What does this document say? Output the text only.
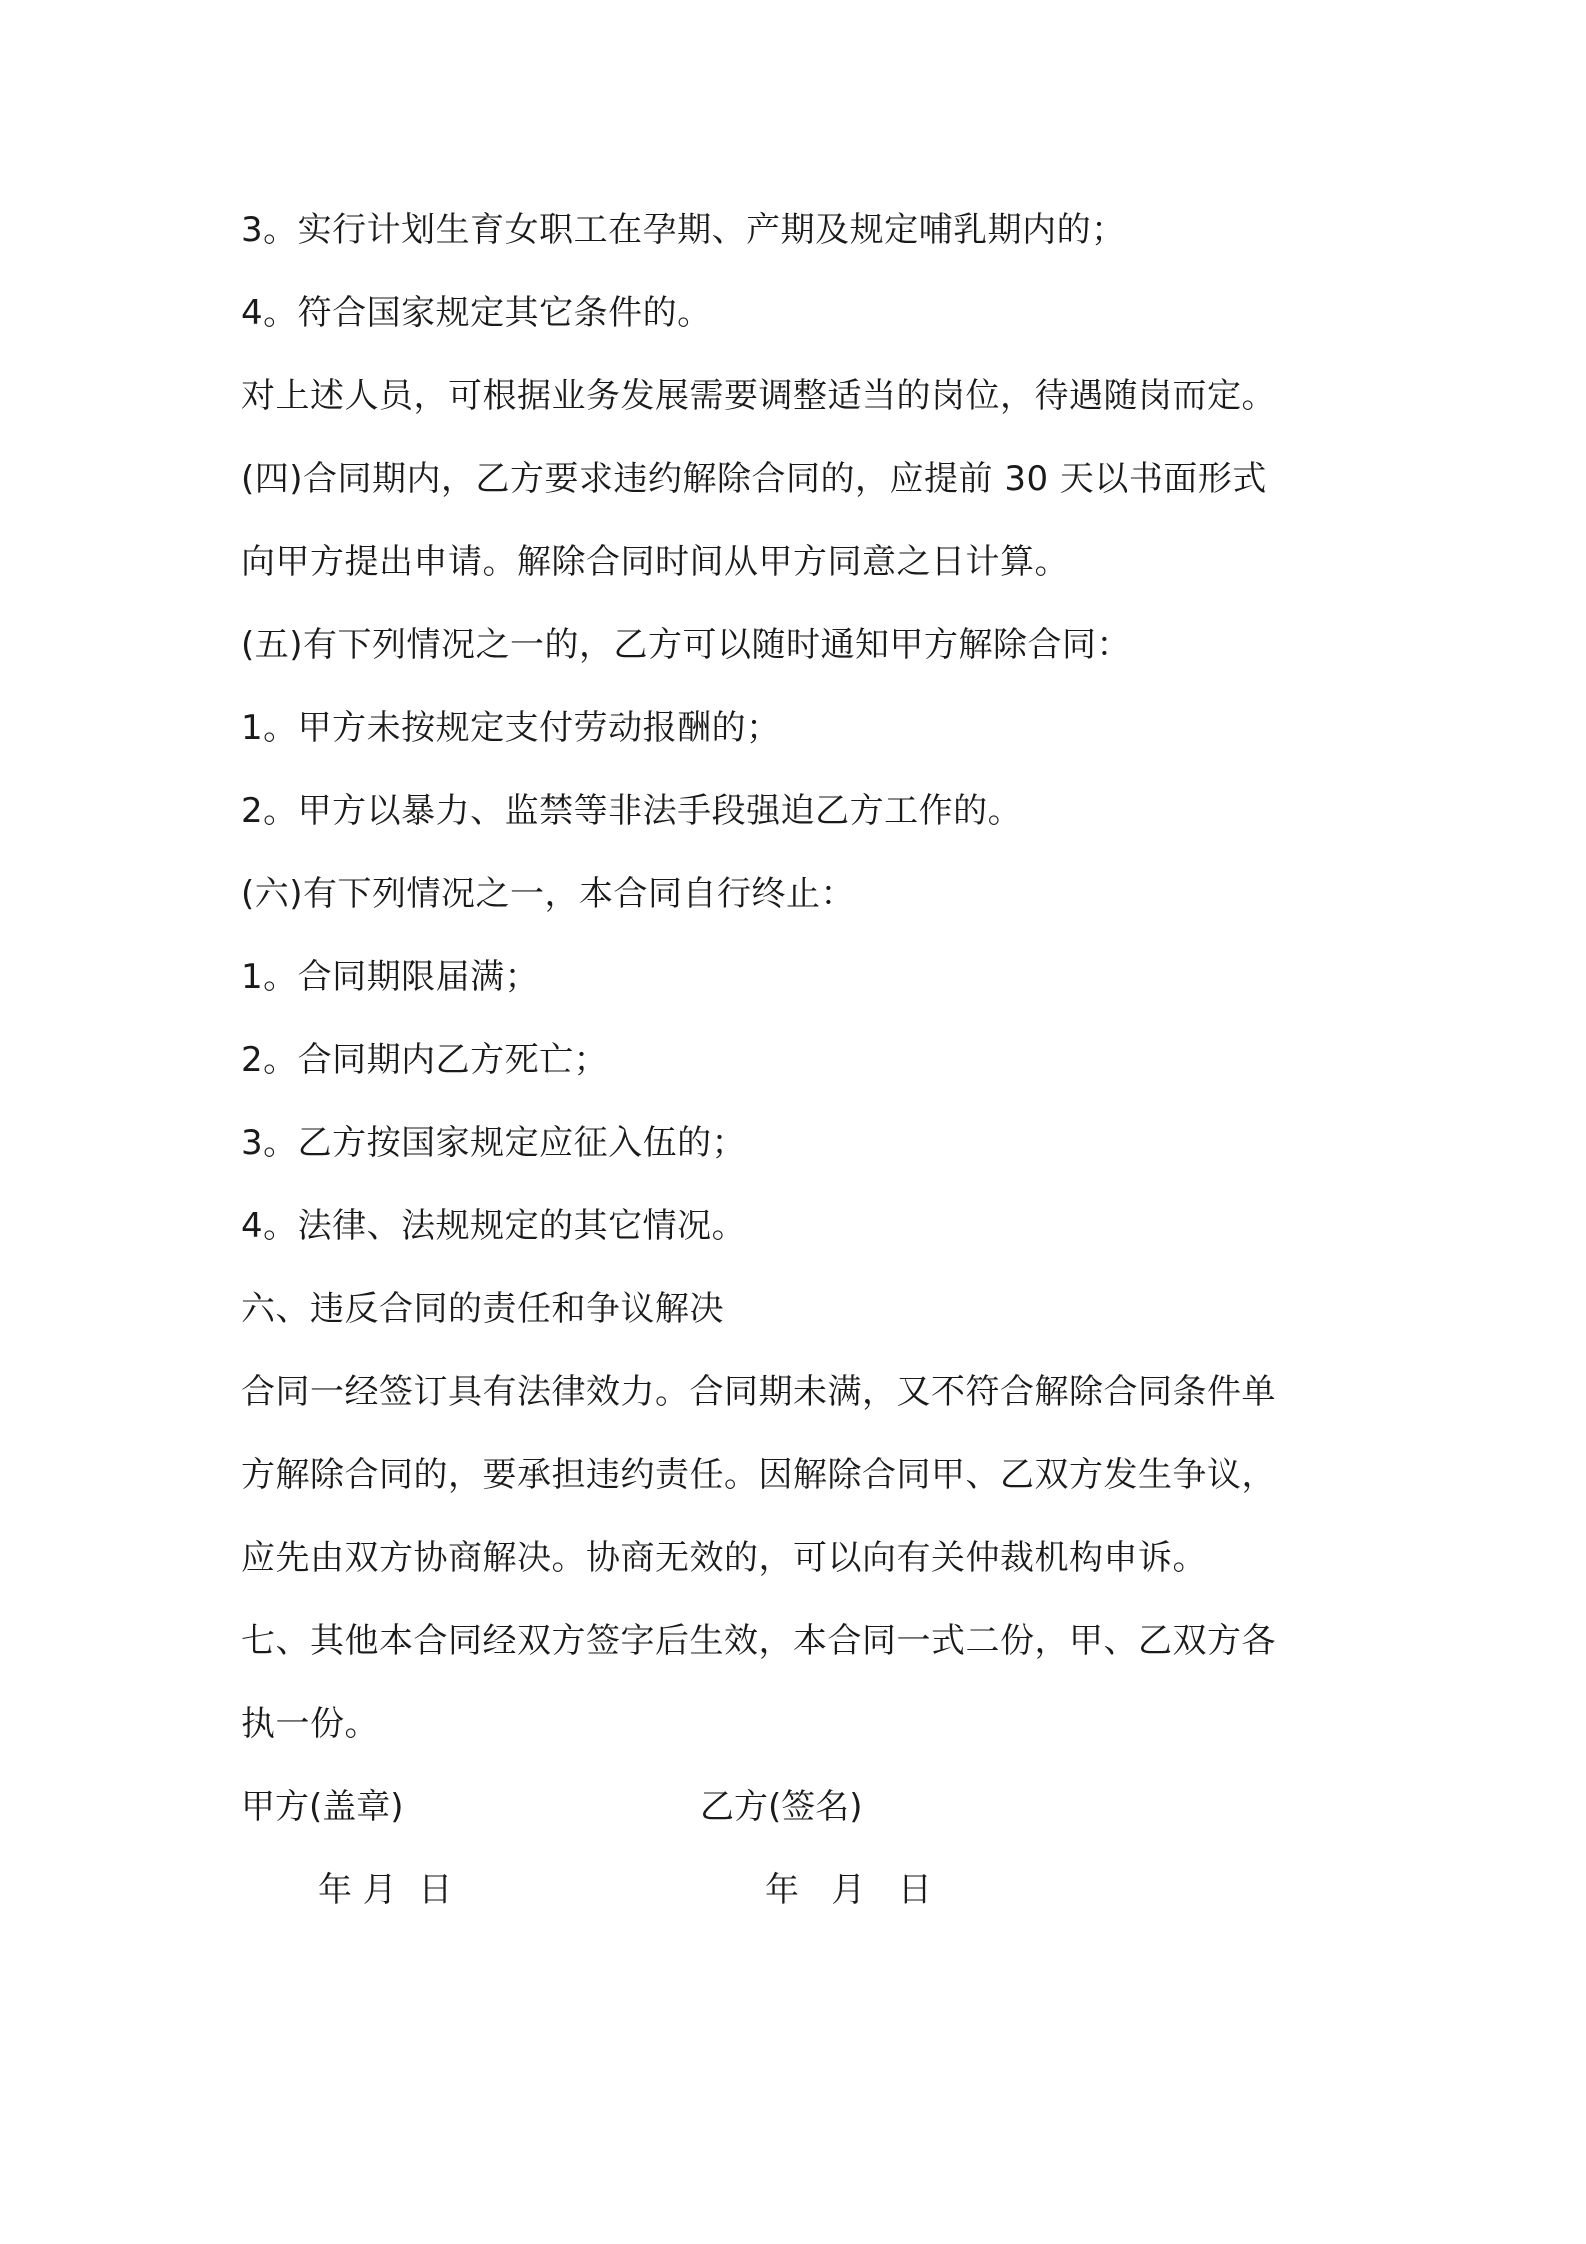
3。实行计划生育女职工在孕期、产期及规定哺乳期内的；
4。符合国家规定其它条件的。
对上述人员，可根据业务发展需要调整适当的岗位，待遇随岗而定。
(四)合同期内，乙方要求违约解除合同的，应提前 30 天以书面形式
向甲方提出申请。解除合同时间从甲方同意之日计算。
(五)有下列情况之一的，乙方可以随时通知甲方解除合同：
1。甲方未按规定支付劳动报酬的；
2。甲方以暴力、监禁等非法手段强迫乙方工作的。
(六)有下列情况之一，本合同自行终止：
1。合同期限届满；
2。合同期内乙方死亡；
3。乙方按国家规定应征入伍的；
4。法律、法规规定的其它情况。
六、违反合同的责任和争议解决
合同一经签订具有法律效力。合同期未满，又不符合解除合同条件单
方解除合同的，要承担违约责任。因解除合同甲、乙双方发生争议，
应先由双方协商解决。协商无效的，可以向有关仲裁机构申诉。
七、其他本合同经双方签字后生效，本合同一式二份，甲、乙双方各
执一份。
甲方(盖章)	乙方(签名)
年 月  日	年   月   日
